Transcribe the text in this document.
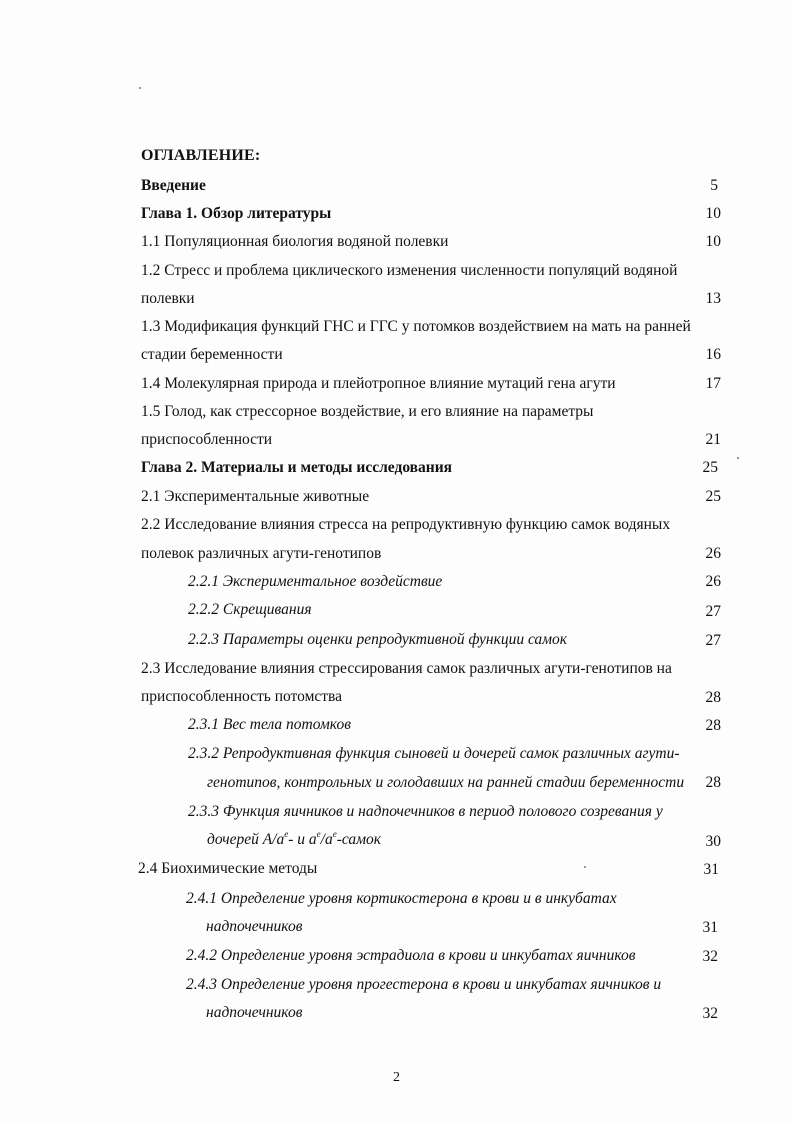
ОГЛАВЛЕНИЕ:
Введение	5
Глава 1. Обзор литературы	10
1.1 Популяционная биология водяной полевки	10
1.2 Стресс и проблема циклического изменения численности популяций водяной
полевки	13
1.3 Модификация функций ГНС и ГГС у потомков воздействием на мать на ранней
стадии беременности	16
1.4 Молекулярная природа и плейотропное влияние мутаций гена агути	17
1.5 Голод, как стрессорное воздействие, и его влияние на параметры
приспособленности	21
Глава 2. Материалы и методы исследования	25
2.1 Экспериментальные животные	25
2.2 Исследование влияния стресса на репродуктивную функцию самок водяных
полевок различных агути-генотипов	26
2.2.1 Экспериментальное воздействие	26
2.2.2 Скрещивания	27
2.2.3 Параметры оценки репродуктивной функции самок	27
2.3 Исследование влияния стрессирования самок различных агути-генотипов на
приспособленность потомства	28
2.3.1 Вес тела потомков	28
2.3.2 Репродуктивная функция сыновей и дочерей самок различных агути-
генотипов, контрольных и голодавших на ранней стадии беременности	28
2.3.3 Функция яичников и надпочечников в период полового созревания у
дочерей $A/a^e-$ и $a^e/a^e$-самок	30
2.4 Биохимические методы	31
2.4.1 Определение уровня кортикостерона в крови и в инкубатах
надпочечников	31
2.4.2 Определение уровня эстрадиола в крови и инкубатах яичников	32
2.4.3 Определение уровня прогестерона в крови и инкубатах яичников и
надпочечников	32
2
